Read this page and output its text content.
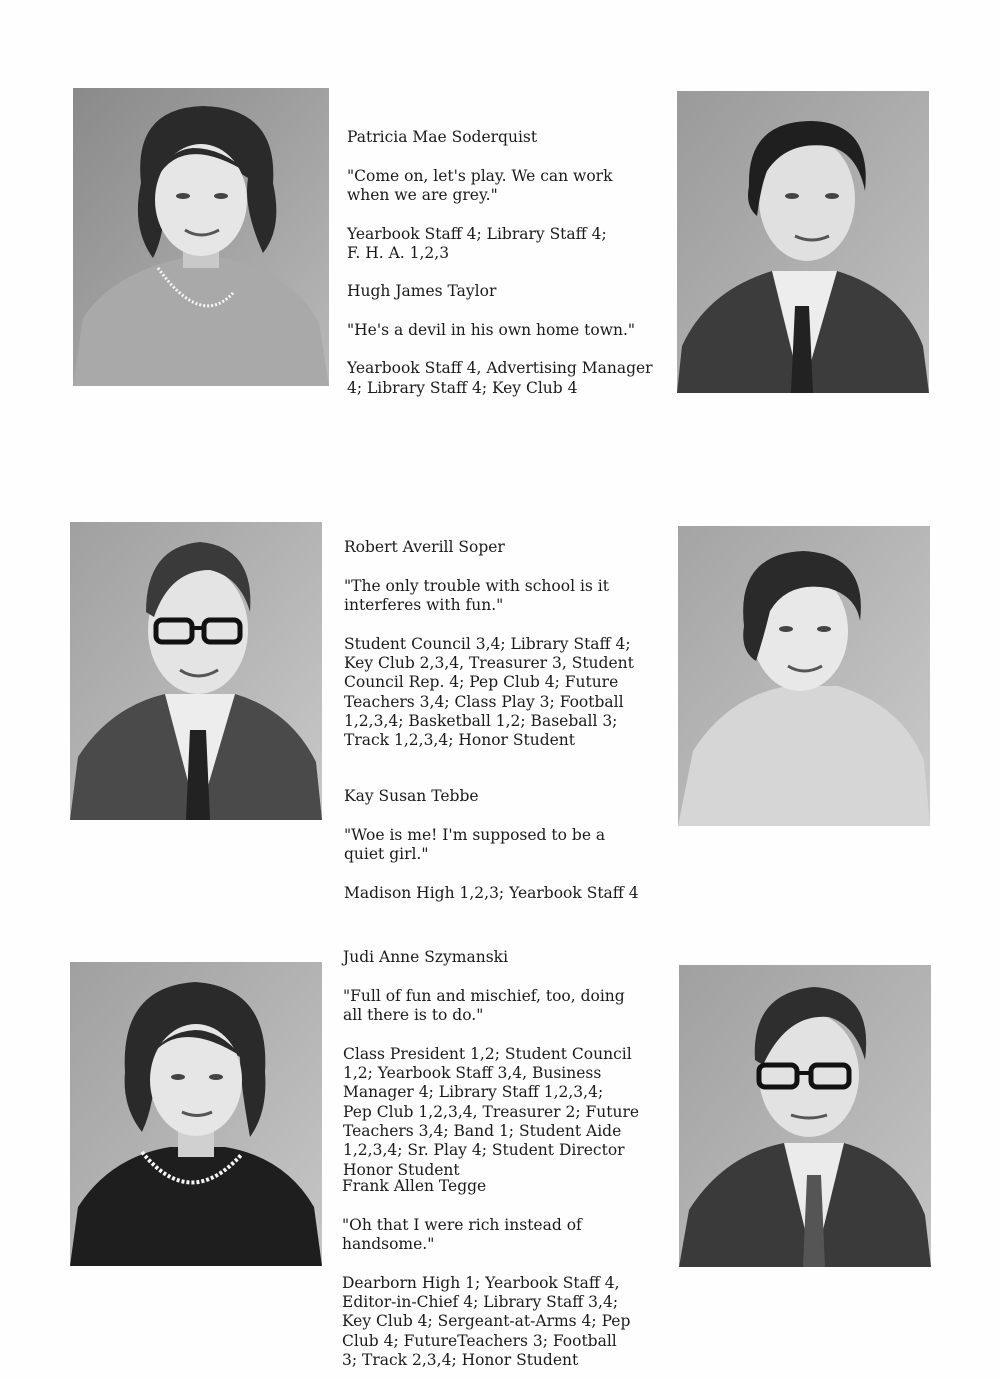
Patricia Mae Soderquist

"Come on, let's play. We can work
when we are grey."

Yearbook Staff 4; Library Staff 4;
F. H. A. 1,2,3

Hugh James Taylor

"He's a devil in his own home town."

Yearbook Staff 4, Advertising Manager
4; Library Staff 4; Key Club 4

Robert Averill Soper

"The only trouble with school is it
interferes with fun."

Student Council 3,4; Library Staff 4;
Key Club 2,3,4, Treasurer 3, Student
Council Rep. 4; Pep Club 4; Future
Teachers 3,4; Class Play 3; Football
1,2,3,4; Basketball 1,2; Baseball 3;
Track 1,2,3,4; Honor Student

Kay Susan Tebbe

"Woe is me! I'm supposed to be a
quiet girl."

Madison High 1,2,3; Yearbook Staff 4

Judi Anne Szymanski

"Full of fun and mischief, too, doing
all there is to do."

Class President 1,2; Student Council
1,2; Yearbook Staff 3,4, Business
Manager 4; Library Staff 1,2,3,4;
Pep Club 1,2,3,4, Treasurer 2; Future
Teachers 3,4; Band 1; Student Aide
1,2,3,4; Sr. Play 4; Student Director
Honor Student

Frank Allen Tegge

"Oh that I were rich instead of
handsome."

Dearborn High 1; Yearbook Staff 4,
Editor-in-Chief 4; Library Staff 3,4;
Key Club 4; Sergeant-at-Arms 4; Pep
Club 4; FutureTeachers 3; Football
3; Track 2,3,4; Honor Student
